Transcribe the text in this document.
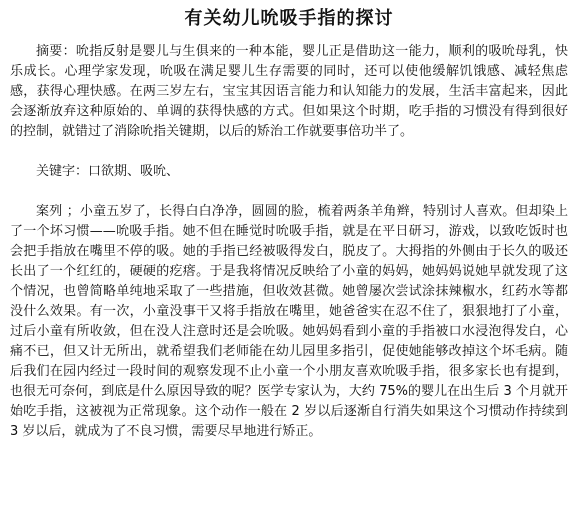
有关幼儿吮吸手指的探讨

摘要：吮指反射是婴儿与生俱来的一种本能，婴儿正是借助这一能力，顺利的吸吮母乳，快乐成长。心理学家发现，吮吸在满足婴儿生存需要的同时，还可以使他缓解饥饿感、减轻焦虑感，获得心理快感。在两三岁左右，宝宝其因语言能力和认知能力的发展，生活丰富起来，因此会逐渐放弃这种原始的、单调的获得快感的方式。但如果这个时期，吃手指的习惯没有得到很好的控制，就错过了消除吮指关键期，以后的矫治工作就要事倍功半了。

关键字：口欲期、吸吮、

案列 ；小童五岁了，长得白白净净，圆圆的脸，梳着两条羊角辫，特别讨人喜欢。但却染上了一个坏习惯——吮吸手指。她不但在睡觉时吮吸手指，就是在平日研习，游戏，以致吃饭时也会把手指放在嘴里不停的吸。她的手指已经被吸得发白，脱皮了。大拇指的外侧由于长久的吸还长出了一个红红的，硬硬的疙瘩。于是我将情况反映给了小童的妈妈，她妈妈说她早就发现了这个情况，也曾简略单纯地采取了一些措施，但收效甚微。她曾屡次尝试涂抹辣椒水，红药水等都没什么效果。有一次，小童没事干又将手指放在嘴里，她爸爸实在忍不住了，狠狠地打了小童，过后小童有所收敛，但在没人注意时还是会吮吸。她妈妈看到小童的手指被口水浸泡得发白，心痛不已，但又计无所出，就希望我们老师能在幼儿园里多指引，促使她能够改掉这个坏毛病。随后我们在园内经过一段时间的观察发现不止小童一个小朋友喜欢吮吸手指，很多家长也有提到，也很无可奈何，到底是什么原因导致的呢？医学专家认为，大约 75%的婴儿在出生后 3 个月就开始吃手指，这被视为正常现象。这个动作一般在 2 岁以后逐渐自行消失如果这个习惯动作持续到 3 岁以后，就成为了不良习惯，需要尽早地进行矫正。
